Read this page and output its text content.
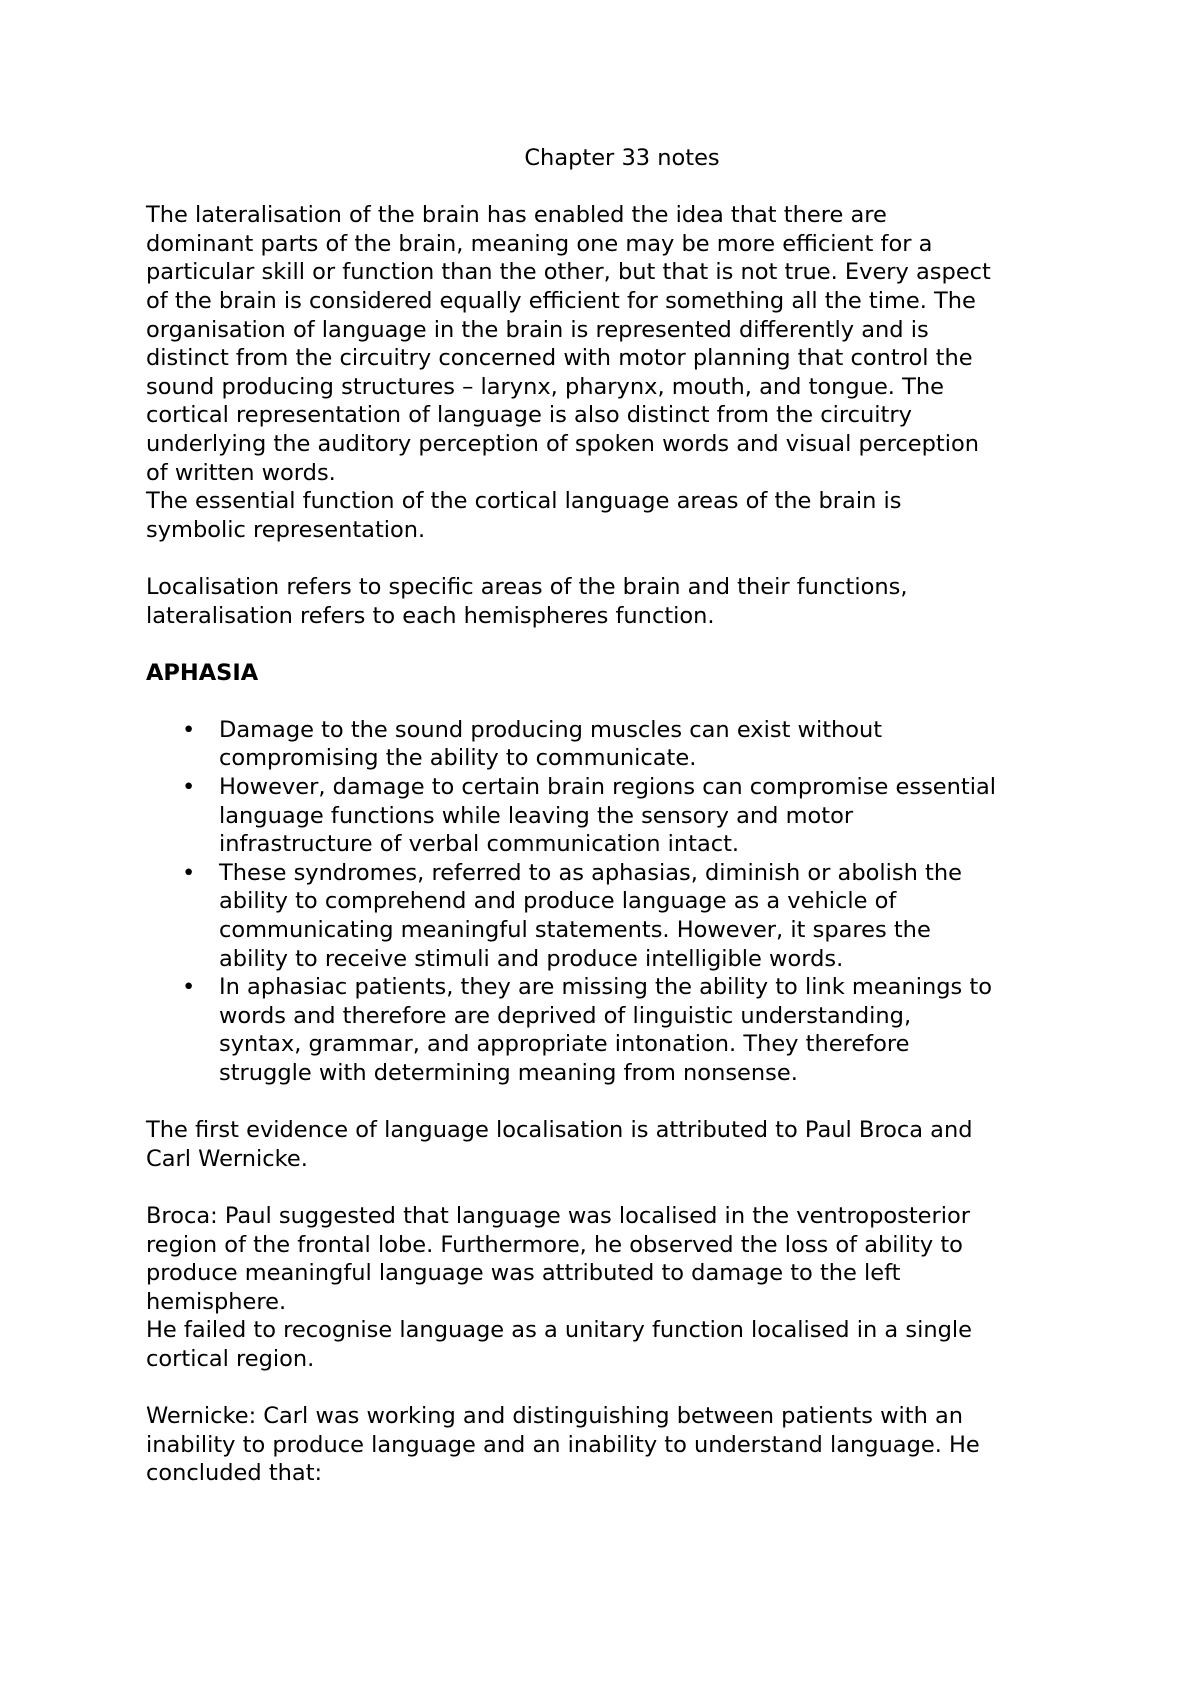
Chapter 33 notes

The lateralisation of the brain has enabled the idea that there are
dominant parts of the brain, meaning one may be more efficient for a
particular skill or function than the other, but that is not true. Every aspect
of the brain is considered equally efficient for something all the time. The
organisation of language in the brain is represented differently and is
distinct from the circuitry concerned with motor planning that control the
sound producing structures – larynx, pharynx, mouth, and tongue. The
cortical representation of language is also distinct from the circuitry
underlying the auditory perception of spoken words and visual perception
of written words.

The essential function of the cortical language areas of the brain is
symbolic representation.

Localisation refers to specific areas of the brain and their functions,
lateralisation refers to each hemispheres function.

APHASIA

• Damage to the sound producing muscles can exist without
compromising the ability to communicate.
• However, damage to certain brain regions can compromise essential
language functions while leaving the sensory and motor
infrastructure of verbal communication intact.
• These syndromes, referred to as aphasias, diminish or abolish the
ability to comprehend and produce language as a vehicle of
communicating meaningful statements. However, it spares the
ability to receive stimuli and produce intelligible words.
• In aphasiac patients, they are missing the ability to link meanings to
words and therefore are deprived of linguistic understanding,
syntax, grammar, and appropriate intonation. They therefore
struggle with determining meaning from nonsense.

The first evidence of language localisation is attributed to Paul Broca and
Carl Wernicke.

Broca: Paul suggested that language was localised in the ventroposterior
region of the frontal lobe. Furthermore, he observed the loss of ability to
produce meaningful language was attributed to damage to the left
hemisphere.

He failed to recognise language as a unitary function localised in a single
cortical region.

Wernicke: Carl was working and distinguishing between patients with an
inability to produce language and an inability to understand language. He
concluded that:
